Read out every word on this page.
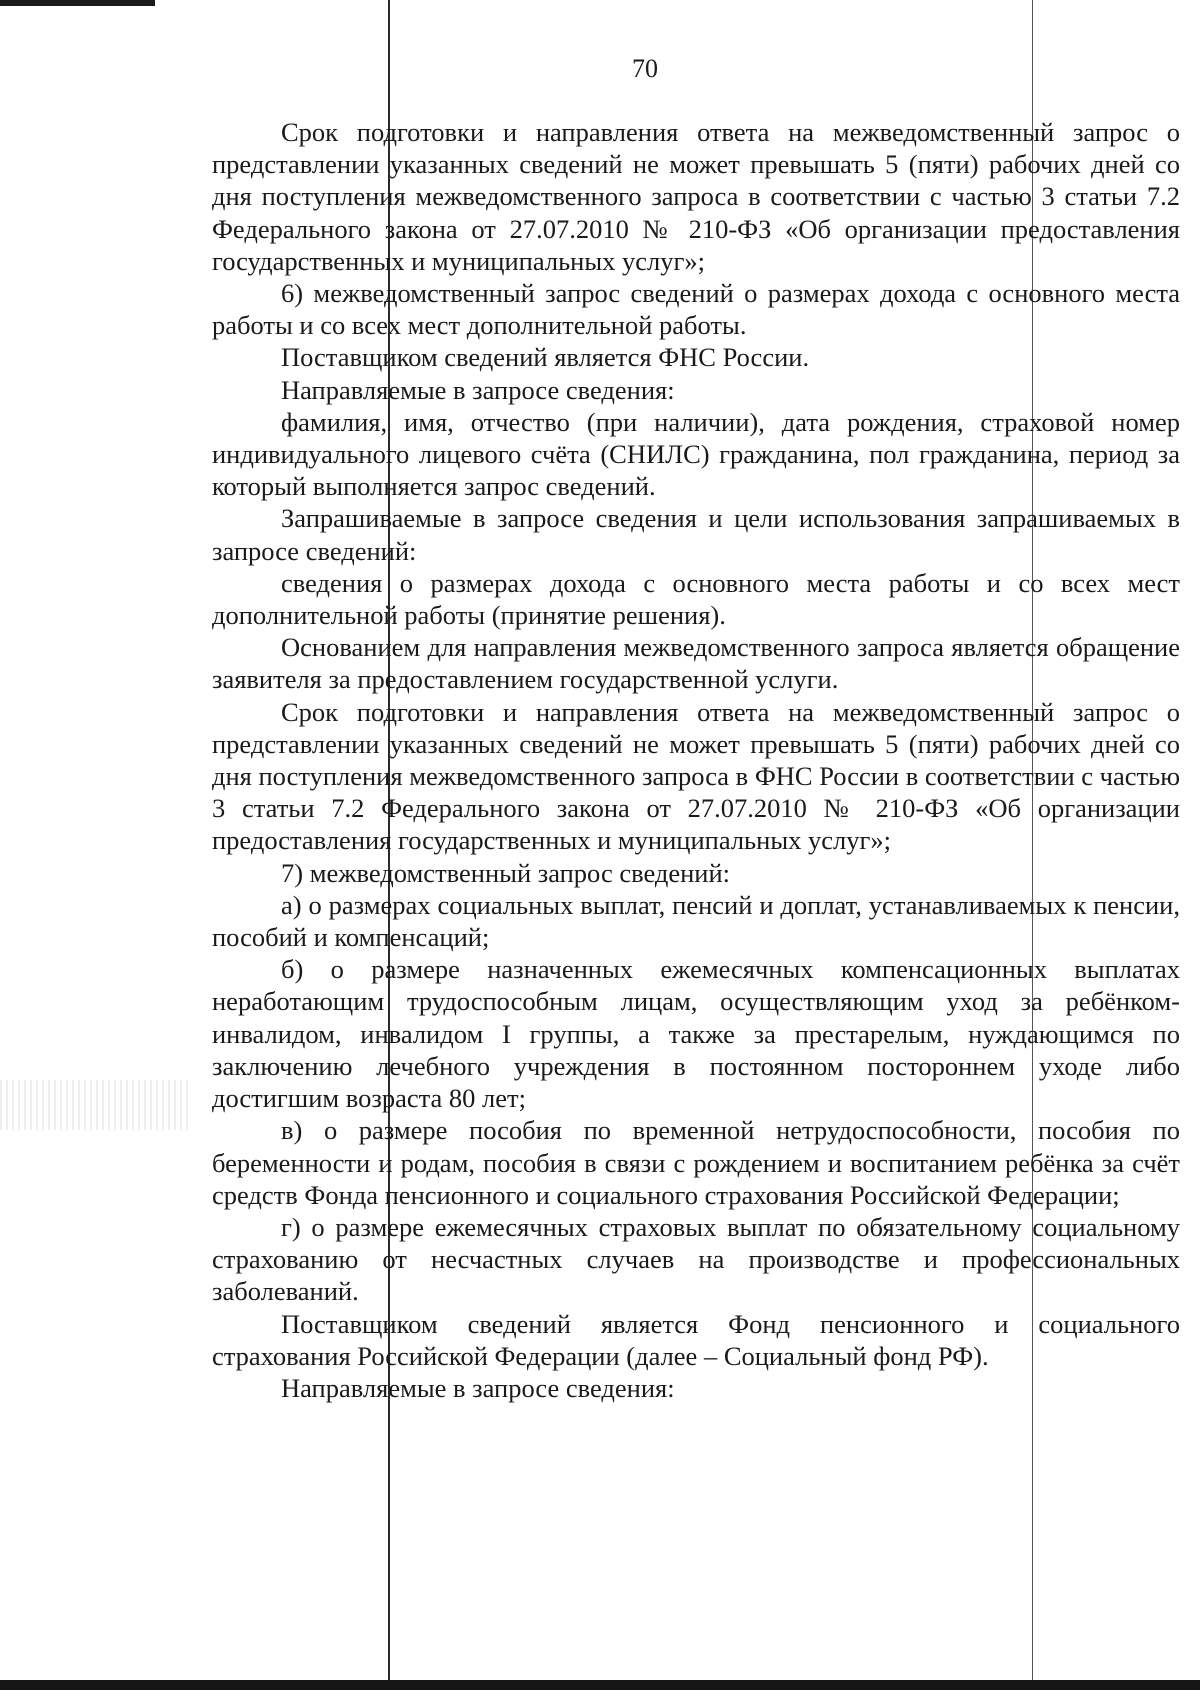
70

Срок подготовки и направления ответа на межведомственный запрос о представлении указанных сведений не может превышать 5 (пяти) рабочих дней со дня поступления межведомственного запроса в соответствии с частью 3 статьи 7.2 Федерального закона от 27.07.2010 № 210-ФЗ «Об организации предоставления государственных и муниципальных услуг»;

6) межведомственный запрос сведений о размерах дохода с основного места работы и со всех мест дополнительной работы.

Поставщиком сведений является ФНС России.

Направляемые в запросе сведения:

фамилия, имя, отчество (при наличии), дата рождения, страховой номер индивидуального лицевого счёта (СНИЛС) гражданина, пол гражданина, период за который выполняется запрос сведений.

Запрашиваемые в запросе сведения и цели использования запрашиваемых в запросе сведений:

сведения о размерах дохода с основного места работы и со всех мест дополнительной работы (принятие решения).

Основанием для направления межведомственного запроса является обращение заявителя за предоставлением государственной услуги.

Срок подготовки и направления ответа на межведомственный запрос о представлении указанных сведений не может превышать 5 (пяти) рабочих дней со дня поступления межведомственного запроса в ФНС России в соответствии с частью 3 статьи 7.2 Федерального закона от 27.07.2010 № 210-ФЗ «Об организации предоставления государственных и муниципальных услуг»;

7) межведомственный запрос сведений:

а) о размерах социальных выплат, пенсий и доплат, устанавливаемых к пенсии, пособий и компенсаций;

б) о размере назначенных ежемесячных компенсационных выплатах неработающим трудоспособным лицам, осуществляющим уход за ребёнком-инвалидом, инвалидом I группы, а также за престарелым, нуждающимся по заключению лечебного учреждения в постоянном постороннем уходе либо достигшим возраста 80 лет;

в) о размере пособия по временной нетрудоспособности, пособия по беременности и родам, пособия в связи с рождением и воспитанием ребёнка за счёт средств Фонда пенсионного и социального страхования Российской Федерации;

г) о размере ежемесячных страховых выплат по обязательному социальному страхованию от несчастных случаев на производстве и профессиональных заболеваний.

Поставщиком сведений является Фонд пенсионного и социального страхования Российской Федерации (далее – Социальный фонд РФ).

Направляемые в запросе сведения:
